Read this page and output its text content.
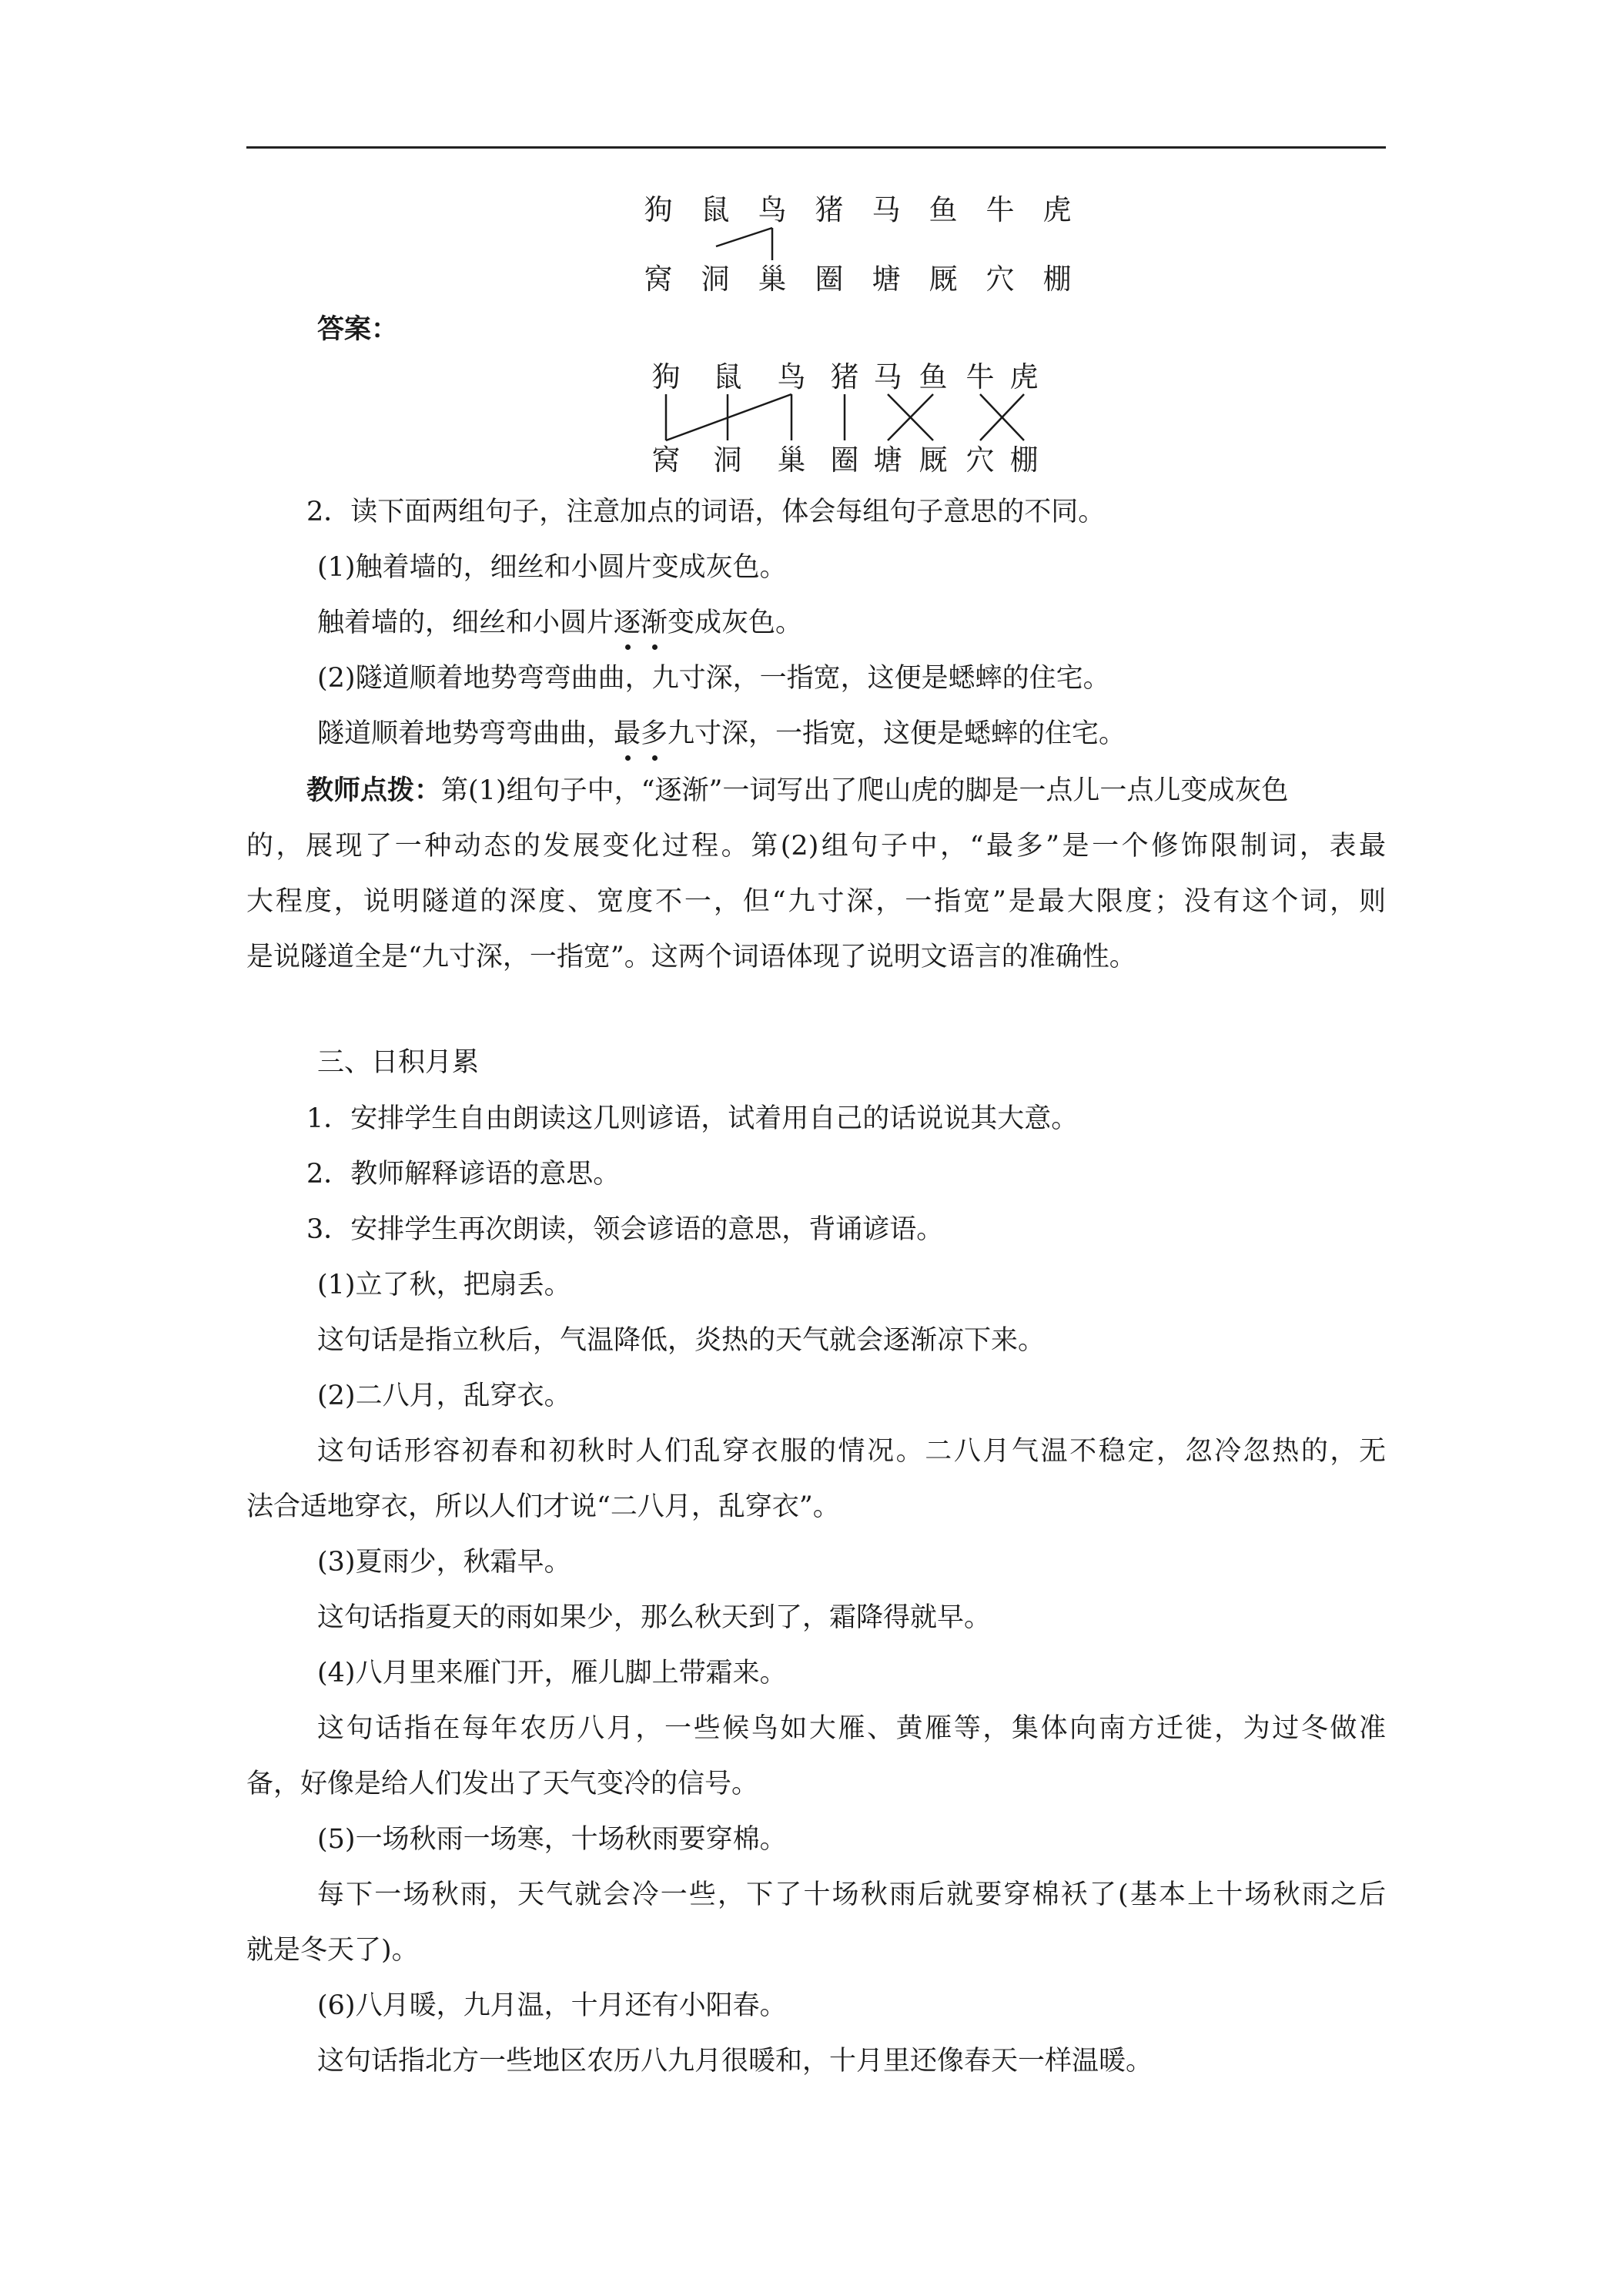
狗 鼠 鸟 猪 马 鱼 牛 虎
窝 洞 巢 圈 塘 厩 穴 棚
答案：
狗 鼠 鸟 猪 马 鱼 牛 虎
窝 洞 巢 圈 塘 厩 穴 棚
2．读下面两组句子，注意加点的词语，体会每组句子意思的不同。
(1)触着墙的，细丝和小圆片变成灰色。
触着墙的，细丝和小圆片逐渐变成灰色。
(2)隧道顺着地势弯弯曲曲，九寸深，一指宽，这便是蟋蟀的住宅。
隧道顺着地势弯弯曲曲，最多九寸深，一指宽，这便是蟋蟀的住宅。
教师点拨：第(1)组句子中，“逐渐”一词写出了爬山虎的脚是一点儿一点儿变成灰色
的，展现了一种动态的发展变化过程。第(2)组句子中，“最多”是一个修饰限制词，表最
大程度，说明隧道的深度、宽度不一，但“九寸深，一指宽”是最大限度；没有这个词，则
是说隧道全是“九寸深，一指宽”。这两个词语体现了说明文语言的准确性。
三、日积月累
1．安排学生自由朗读这几则谚语，试着用自己的话说说其大意。
2．教师解释谚语的意思。
3．安排学生再次朗读，领会谚语的意思，背诵谚语。
(1)立了秋，把扇丢。
这句话是指立秋后，气温降低，炎热的天气就会逐渐凉下来。
(2)二八月，乱穿衣。
这句话形容初春和初秋时人们乱穿衣服的情况。二八月气温不稳定，忽冷忽热的，无
法合适地穿衣，所以人们才说“二八月，乱穿衣”。
(3)夏雨少，秋霜早。
这句话指夏天的雨如果少，那么秋天到了，霜降得就早。
(4)八月里来雁门开，雁儿脚上带霜来。
这句话指在每年农历八月，一些候鸟如大雁、黄雁等，集体向南方迁徙，为过冬做准
备，好像是给人们发出了天气变冷的信号。
(5)一场秋雨一场寒，十场秋雨要穿棉。
每下一场秋雨，天气就会冷一些，下了十场秋雨后就要穿棉袄了(基本上十场秋雨之后
就是冬天了)。
(6)八月暖，九月温，十月还有小阳春。
这句话指北方一些地区农历八九月很暖和，十月里还像春天一样温暖。
